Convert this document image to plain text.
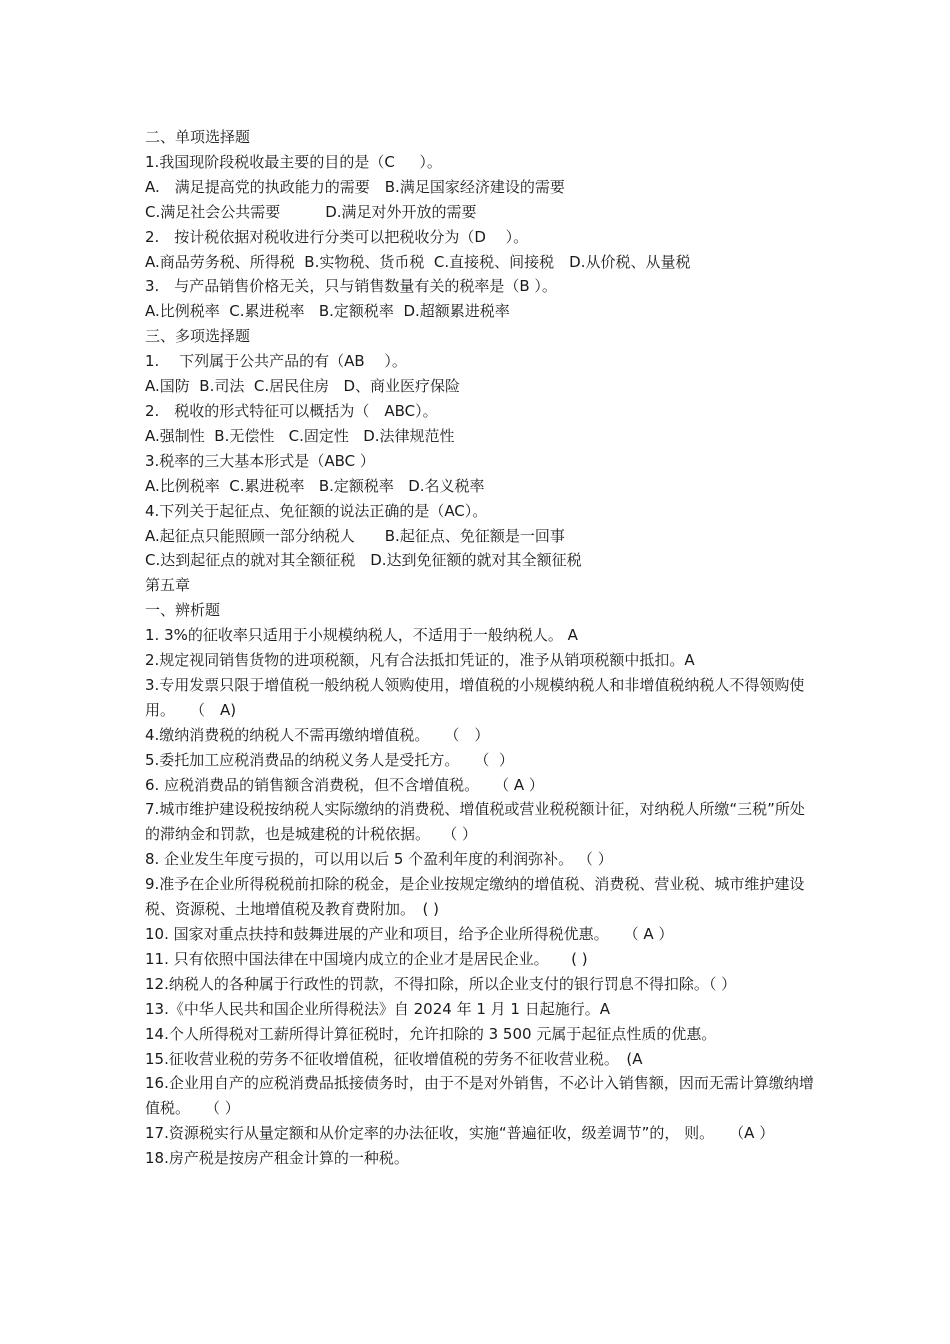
二、单项选择题

1.我国现阶段税收最主要的目的是（C　  ）。

A.　满足提高党的执政能力的需要　B.满足国家经济建设的需要

C.满足社会公共需要　　　D.满足对外开放的需要

2.　按计税依据对税收进行分类可以把税收分为（D　 ）。

A.商品劳务税、所得税  B.实物税、货币税  C.直接税、间接税　D.从价税、从量税

3.　与产品销售价格无关，只与销售数量有关的税率是（B ）。

A.比例税率  C.累进税率   B.定额税率  D.超额累进税率

三、多项选择题

1.　 下列属于公共产品的有（AB　 ）。

A.国防  B.司法  C.居民住房   D、商业医疗保险

2.　税收的形式特征可以概括为（　ABC）。

A.强制性  B.无偿性   C.固定性   D.法律规范性

3.税率的三大基本形式是（ABC ）

A.比例税率  C.累进税率   B.定额税率   D.名义税率

4.下列关于起征点、免征额的说法正确的是（AC）。

A.起征点只能照顾一部分纳税人　　B.起征点、免征额是一回事

C.达到起征点的就对其全额征税　D.达到免征额的就对其全额征税

第五章

一、辨析题

1. 3%的征收率只适用于小规模纳税人，不适用于一般纳税人。 A

2.规定视同销售货物的进项税额，凡有合法抵扣凭证的，准予从销项税额中抵扣。A

3.专用发票只限于增值税一般纳税人领购使用，增值税的小规模纳税人和非增值税纳税人不得领购使用。　　（　A)

4.缴纳消费税的纳税人不需再缴纳增值税。　　（　）

5.委托加工应税消费品的纳税义务人是受托方。　　（  ）

6. 应税消费品的销售额含消费税，但不含增值税。　　（ A ）

7.城市维护建设税按纳税人实际缴纳的消费税、增值税或营业税税额计征，对纳税人所缴“三税”所处的滞纳金和罚款，也是城建税的计税依据。　 （ ）

8. 企业发生年度亏损的，可以用以后 5 个盈利年度的利润弥补。 （ ）

9.准予在企业所得税税前扣除的税金，是企业按规定缴纳的增值税、消费税、营业税、城市维护建设税、资源税、土地增值税及教育费附加。　( )

10. 国家对重点扶持和鼓舞进展的产业和项目，给予企业所得税优惠。　　（ A ）

11. 只有依照中国法律在中国境内成立的企业才是居民企业。　　( )

12.纳税人的各种属于行政性的罚款，不得扣除，所以企业支付的银行罚息不得扣除。（ ）

13.《中华人民共和国企业所得税法》自 2024 年 1 月 1 日起施行。A

14.个人所得税对工薪所得计算征税时，允许扣除的 3 500 元属于起征点性质的优惠。

15.征收营业税的劳务不征收增值税，征收增值税的劳务不征收营业税。　(A

16.企业用自产的应税消费品抵接债务时，由于不是对外销售，不必计入销售额，因而无需计算缴纳增值税。　　（ ）

17.资源税实行从量定额和从价定率的办法征收，实施“普遍征收，级差调节”的， 则。　　（A ）

18.房产税是按房产租金计算的一种税。
